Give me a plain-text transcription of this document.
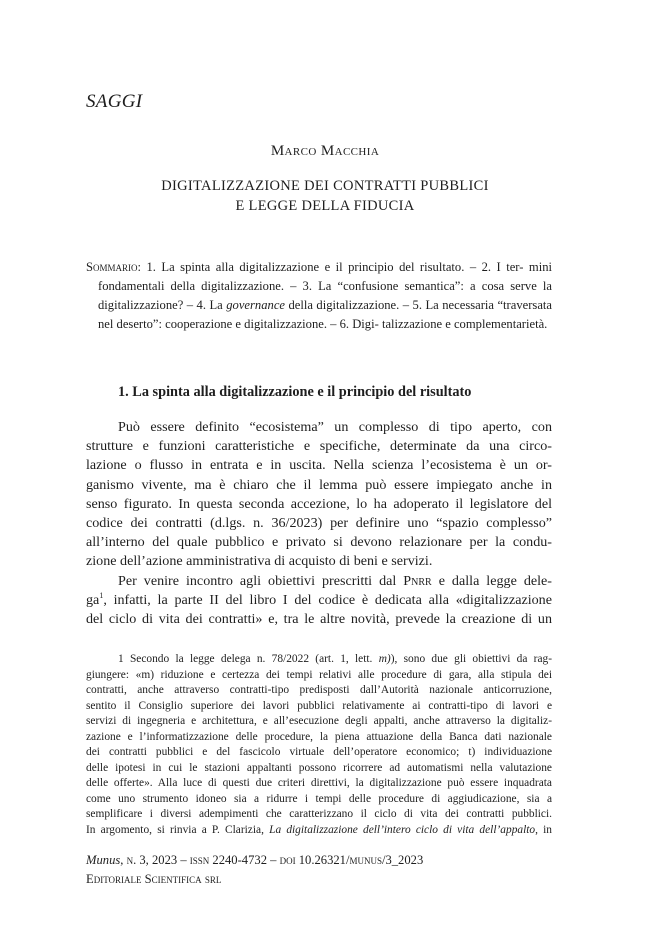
SAGGI
Marco Macchia
DIGITALIZZAZIONE DEI CONTRATTI PUBBLICI
E LEGGE DELLA FIDUCIA

Sommario: 1. La spinta alla digitalizzazione e il principio del risultato. – 2. I ter- mini fondamentali della digitalizzazione. – 3. La “confusione semantica”: a cosa serve la digitalizzazione? – 4. La governance della digitalizzazione. – 5. La necessaria “traversata nel deserto”: cooperazione e digitalizzazione. – 6. Digi- talizzazione e complementarietà.

1. La spinta alla digitalizzazione e il principio del risultato
Può essere definito “ecosistema” un complesso di tipo aperto, con
strutture e funzioni caratteristiche e specifiche, determinate da una circo-
lazione o flusso in entrata e in uscita. Nella scienza l’ecosistema è un or-
ganismo vivente, ma è chiaro che il lemma può essere impiegato anche in
senso figurato. In questa seconda accezione, lo ha adoperato il legislatore del
codice dei contratti (d.lgs. n. 36/2023) per definire uno “spazio complesso”
all’interno del quale pubblico e privato si devono relazionare per la condu-
zione dell’azione amministrativa di acquisto di beni e servizi.
Per venire incontro agli obiettivi prescritti dal Pnrr e dalla legge dele-
$ga^1$, infatti, la parte II del libro I del codice è dedicata alla «digitalizzazione
del ciclo di vita dei contratti» e, tra le altre novità, prevede la creazione di un
1 Secondo la legge delega n. 78/2022 (art. 1, lett. m)), sono due gli obiettivi da rag-
giungere: «m) riduzione e certezza dei tempi relativi alle procedure di gara, alla stipula dei
contratti, anche attraverso contratti-tipo predisposti dall’Autorità nazionale anticorruzione,
sentito il Consiglio superiore dei lavori pubblici relativamente ai contratti-tipo di lavori e
servizi di ingegneria e architettura, e all’esecuzione degli appalti, anche attraverso la digitaliz-
zazione e l’informatizzazione delle procedure, la piena attuazione della Banca dati nazionale
dei contratti pubblici e del fascicolo virtuale dell’operatore economico; t) individuazione
delle ipotesi in cui le stazioni appaltanti possono ricorrere ad automatismi nella valutazione
delle offerte». Alla luce di questi due criteri direttivi, la digitalizzazione può essere inquadrata
come uno strumento idoneo sia a ridurre i tempi delle procedure di aggiudicazione, sia a
semplificare i diversi adempimenti che caratterizzano il ciclo di vita dei contratti pubblici.
In argomento, si rinvia a P. Clarizia, La digitalizzazione dell’intero ciclo di vita dell’appalto, in
Munus, n. 3, 2023 – issn 2240-4732 – doi 10.26321/munus/3_2023
Editoriale Scientifica srl
